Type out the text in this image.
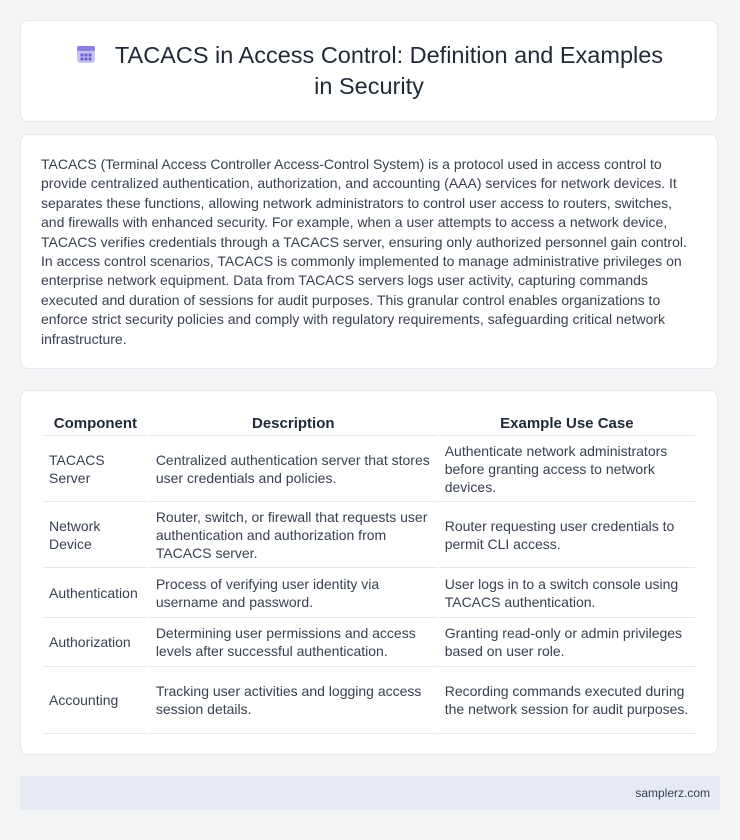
TACACS in Access Control: Definition and Examples in Security

TACACS (Terminal Access Controller Access-Control System) is a protocol used in access control to provide centralized authentication, authorization, and accounting (AAA) services for network devices. It separates these functions, allowing network administrators to control user access to routers, switches, and firewalls with enhanced security. For example, when a user attempts to access a network device, TACACS verifies credentials through a TACACS server, ensuring only authorized personnel gain control. In access control scenarios, TACACS is commonly implemented to manage administrative privileges on enterprise network equipment. Data from TACACS servers logs user activity, capturing commands executed and duration of sessions for audit purposes. This granular control enables organizations to enforce strict security policies and comply with regulatory requirements, safeguarding critical network infrastructure.

Component	Description	Example Use Case
TACACS Server	Centralized authentication server that stores user credentials and policies.	Authenticate network administrators before granting access to network devices.
Network Device	Router, switch, or firewall that requests user authentication and authorization from TACACS server.	Router requesting user credentials to permit CLI access.
Authentication	Process of verifying user identity via username and password.	User logs in to a switch console using TACACS authentication.
Authorization	Determining user permissions and access levels after successful authentication.	Granting read-only or admin privileges based on user role.
Accounting	Tracking user activities and logging access session details.	Recording commands executed during the network session for audit purposes.
samplerz.com
